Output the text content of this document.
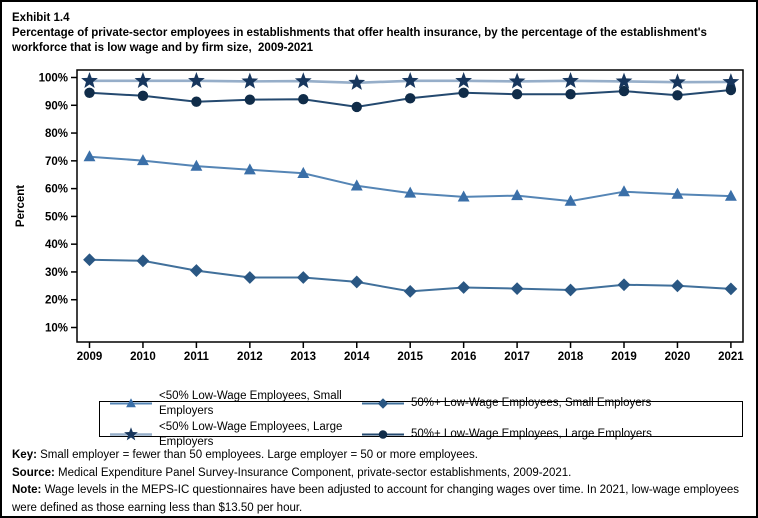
10%
20%
30%
40%
50%
60%
70%
80%
90%
100%
Percent
2009 2010 2011 2012 2013 2014 2015 2016 2017 2018 2019 2020 2021
Exhibit 1.4
Percentage of private-sector employees in establishments that offer health insurance, by the percentage of the establishment's workforce that is low wage and by firm size,  2009-2021
<50% Low-Wage Employees, Small Employers
50%+ Low-Wage Employees, Small Employers
<50% Low-Wage Employees, Large Employers
50%+ Low-Wage Employees, Large Employers

Key: Small employer = fewer than 50 employees. Large employer = 50 or more employees.

Source: Medical Expenditure Panel Survey-Insurance Component, private-sector establishments, 2009-2021.

Note: Wage levels in the MEPS-IC questionnaires have been adjusted to account for changing wages over time. In 2021, low-wage employees were defined as those earning less than $13.50 per hour.
